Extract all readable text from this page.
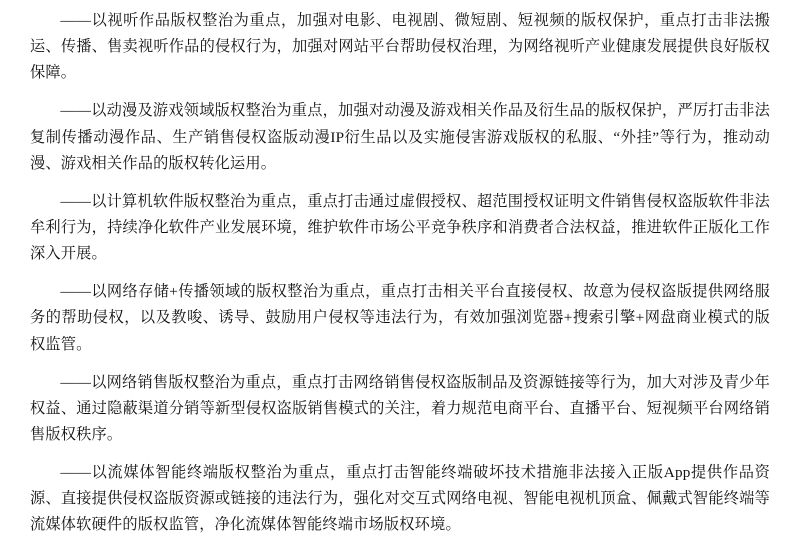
——以视听作品版权整治为重点，加强对电影、电视剧、微短剧、短视频的版权保护，重点打击非法搬运、传播、售卖视听作品的侵权行为，加强对网站平台帮助侵权治理，为网络视听产业健康发展提供良好版权保障。

——以动漫及游戏领域版权整治为重点，加强对动漫及游戏相关作品及衍生品的版权保护，严厉打击非法复制传播动漫作品、生产销售侵权盗版动漫IP衍生品以及实施侵害游戏版权的私服、“外挂”等行为，推动动漫、游戏相关作品的版权转化运用。

——以计算机软件版权整治为重点，重点打击通过虚假授权、超范围授权证明文件销售侵权盗版软件非法牟利行为，持续净化软件产业发展环境，维护软件市场公平竞争秩序和消费者合法权益，推进软件正版化工作深入开展。

——以网络存储+传播领域的版权整治为重点，重点打击相关平台直接侵权、故意为侵权盗版提供网络服务的帮助侵权，以及教唆、诱导、鼓励用户侵权等违法行为，有效加强浏览器+搜索引擎+网盘商业模式的版权监管。

——以网络销售版权整治为重点，重点打击网络销售侵权盗版制品及资源链接等行为，加大对涉及青少年权益、通过隐蔽渠道分销等新型侵权盗版销售模式的关注，着力规范电商平台、直播平台、短视频平台网络销售版权秩序。

——以流媒体智能终端版权整治为重点，重点打击智能终端破坏技术措施非法接入正版App提供作品资源、直接提供侵权盗版资源或链接的违法行为，强化对交互式网络电视、智能电视机顶盒、佩戴式智能终端等流媒体软硬件的版权监管，净化流媒体智能终端市场版权环境。
